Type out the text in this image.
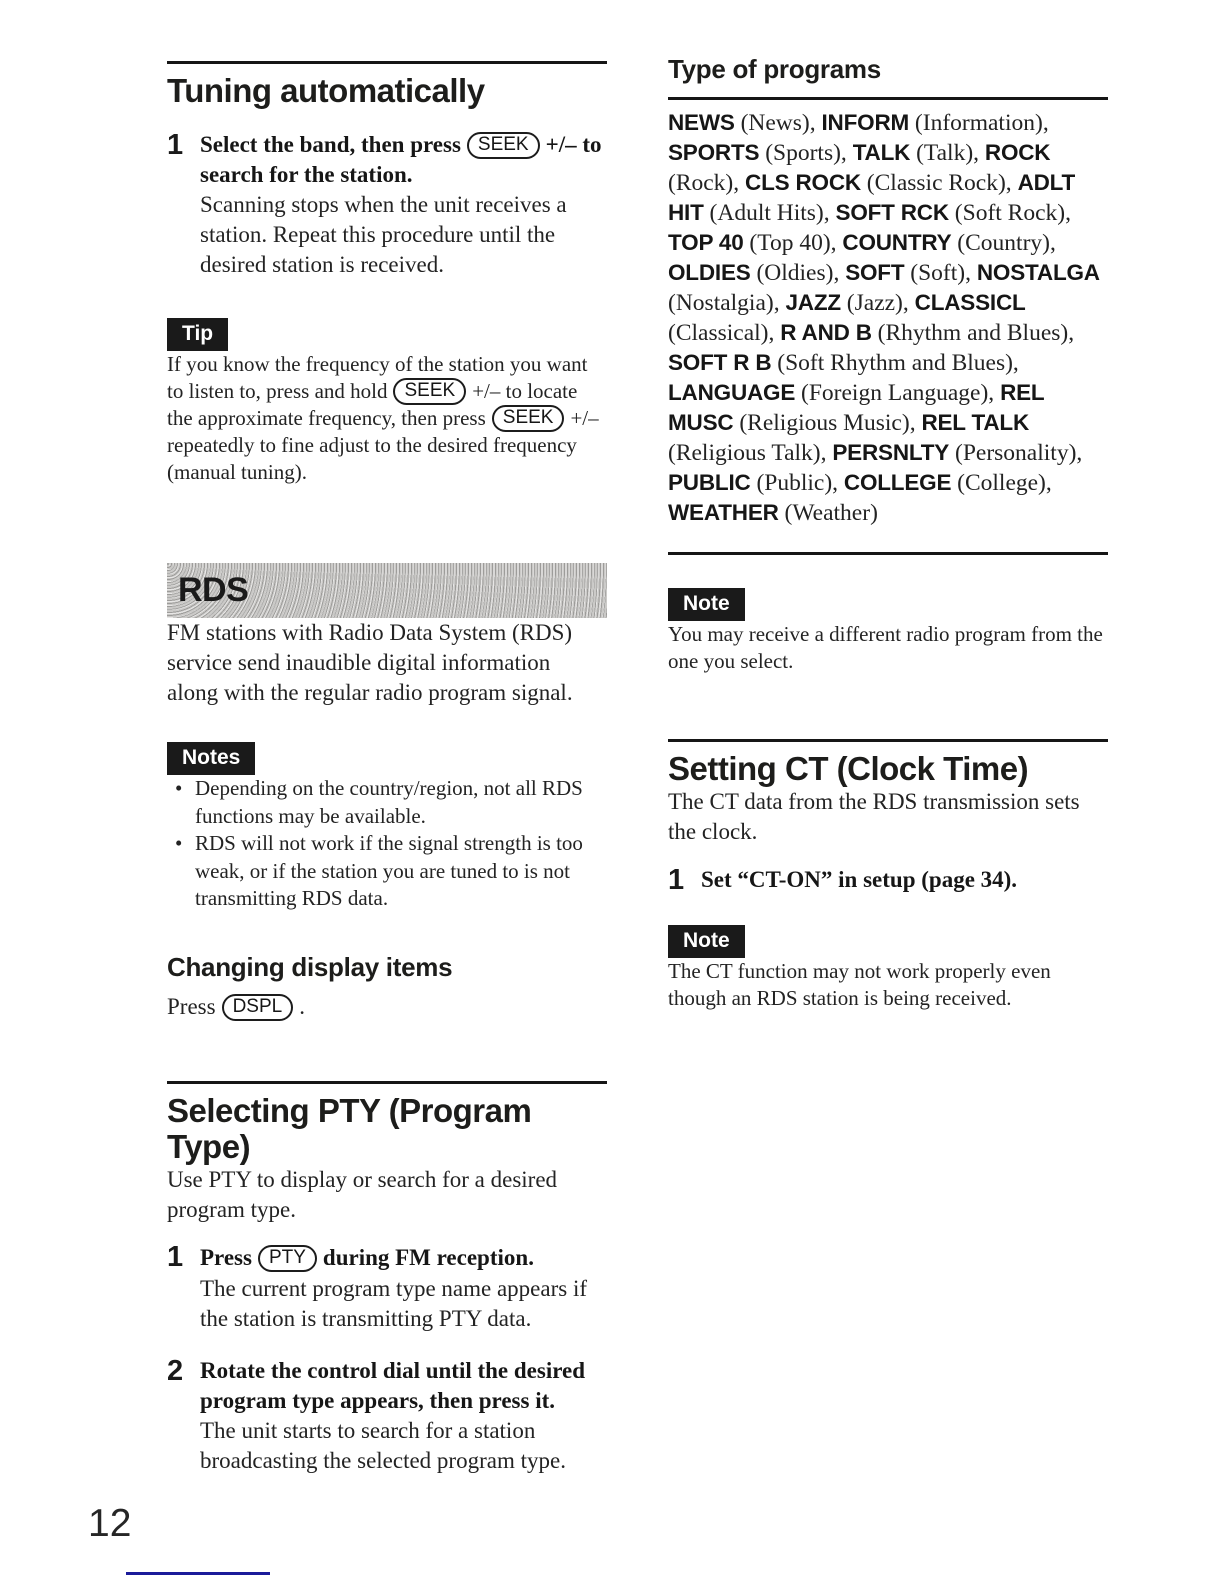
Tuning automatically
1 Select the band, then press SEEK +/– to search for the station.

Scanning stops when the unit receives a station. Repeat this procedure until the desired station is received.

Tip

If you know the frequency of the station you want to listen to, press and hold SEEK +/– to locate the approximate frequency, then press SEEK +/– repeatedly to fine adjust to the desired frequency (manual tuning).

RDS

FM stations with Radio Data System (RDS) service send inaudible digital information along with the regular radio program signal.

Notes
• Depending on the country/region, not all RDS functions may be available.
• RDS will not work if the signal strength is too weak, or if the station you are tuned to is not transmitting RDS data.

Changing display items

Press DSPL .

Selecting PTY (Program Type)

Use PTY to display or search for a desired program type.

1 Press PTY during FM reception.

The current program type name appears if the station is transmitting PTY data.

2 Rotate the control dial until the desired program type appears, then press it.

The unit starts to search for a station broadcasting the selected program type.

Type of programs

NEWS (News), INFORM (Information), SPORTS (Sports), TALK (Talk), ROCK (Rock), CLS ROCK (Classic Rock), ADLT HIT (Adult Hits), SOFT RCK (Soft Rock), TOP 40 (Top 40), COUNTRY (Country), OLDIES (Oldies), SOFT (Soft), NOSTALGA (Nostalgia), JAZZ (Jazz), CLASSICL (Classical), R AND B (Rhythm and Blues), SOFT R B (Soft Rhythm and Blues), LANGUAGE (Foreign Language), REL MUSC (Religious Music), REL TALK (Religious Talk), PERSNLTY (Personality), PUBLIC (Public), COLLEGE (College), WEATHER (Weather)

Note

You may receive a different radio program from the one you select.

Setting CT (Clock Time)

The CT data from the RDS transmission sets the clock.

1 Set “CT-ON” in setup (page 34).

Note

The CT function may not work properly even though an RDS station is being received.

12
